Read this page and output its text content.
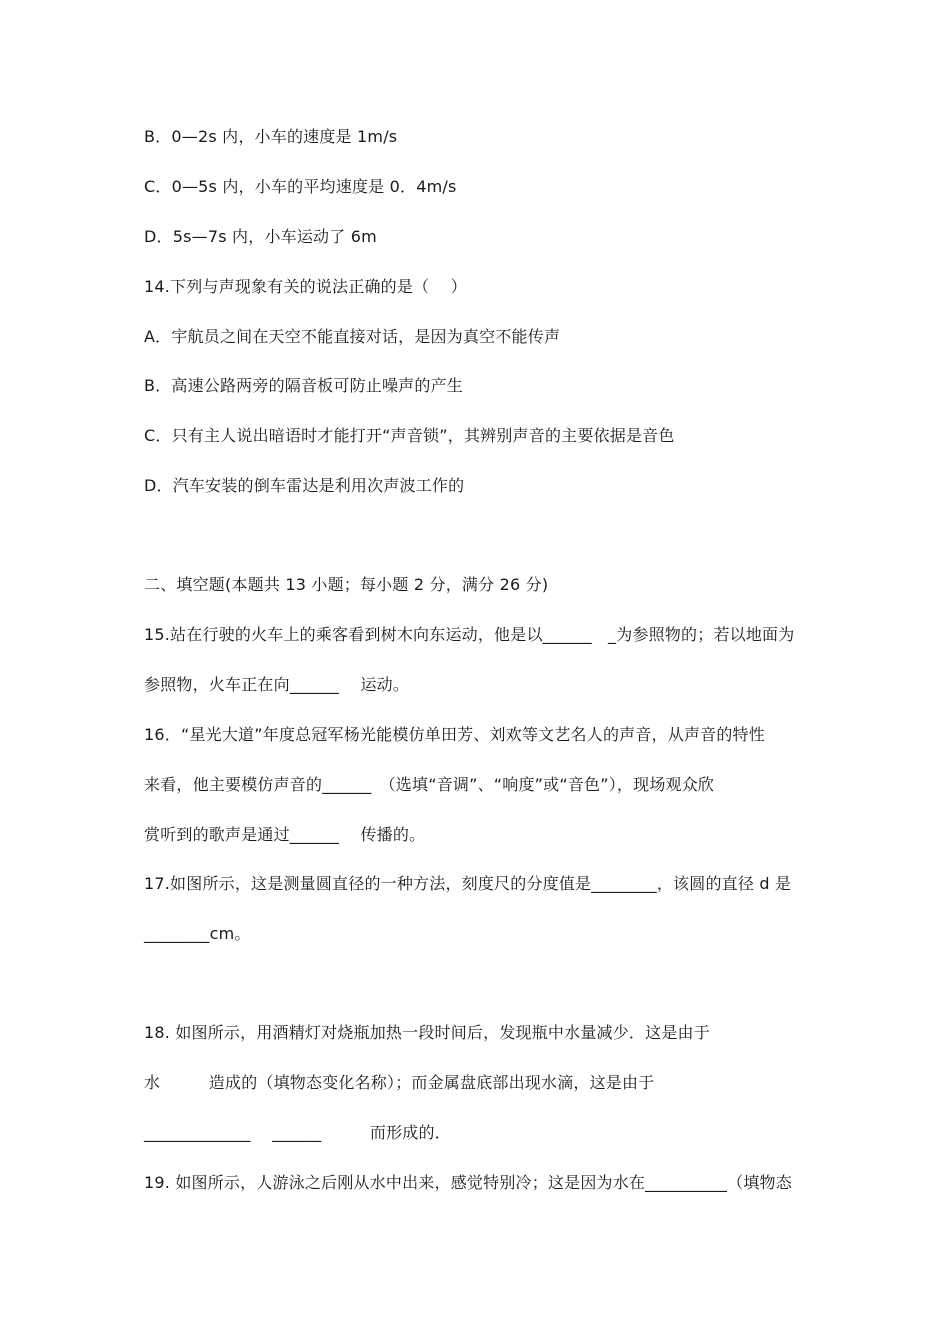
B．0—2s 内，小车的速度是 1m/s
C．0—5s 内，小车的平均速度是 0．4m/s
D．5s—7s 内，小车运动了 6m
14.下列与声现象有关的说法正确的是（　 ）
A．宇航员之间在天空不能直接对话，是因为真空不能传声
B．高速公路两旁的隔音板可防止噪声的产生
C．只有主人说出暗语时才能打开“声音锁”，其辨别声音的主要依据是音色
D．汽车安装的倒车雷达是利用次声波工作的
二、填空题(本题共 13 小题；每小题 2 分，满分 26 分)
15.站在行驶的火车上的乘客看到树木向东运动，他是以______　_为参照物的；若以地面为
参照物，火车正在向______　 运动。
16．“星光大道”年度总冠军杨光能模仿单田芳、刘欢等文艺名人的声音，从声音的特性
来看，他主要模仿声音的______　（选填“音调”、“响度”或“音色”），现场观众欣
赏听到的歌声是通过______　 传播的。
17.如图所示，这是测量圆直径的一种方法，刻度尺的分度值是________，该圆的直径 d 是
________cm。
18. 如图所示，用酒精灯对烧瓶加热一段时间后，发现瓶中水量减少．这是由于
水　　　造成的（填物态变化名称）；而金属盘底部出现水滴，这是由于
_____________　 ______　　　而形成的．
19. 如图所示，人游泳之后刚从水中出来，感觉特别冷；这是因为水在__________（填物态
